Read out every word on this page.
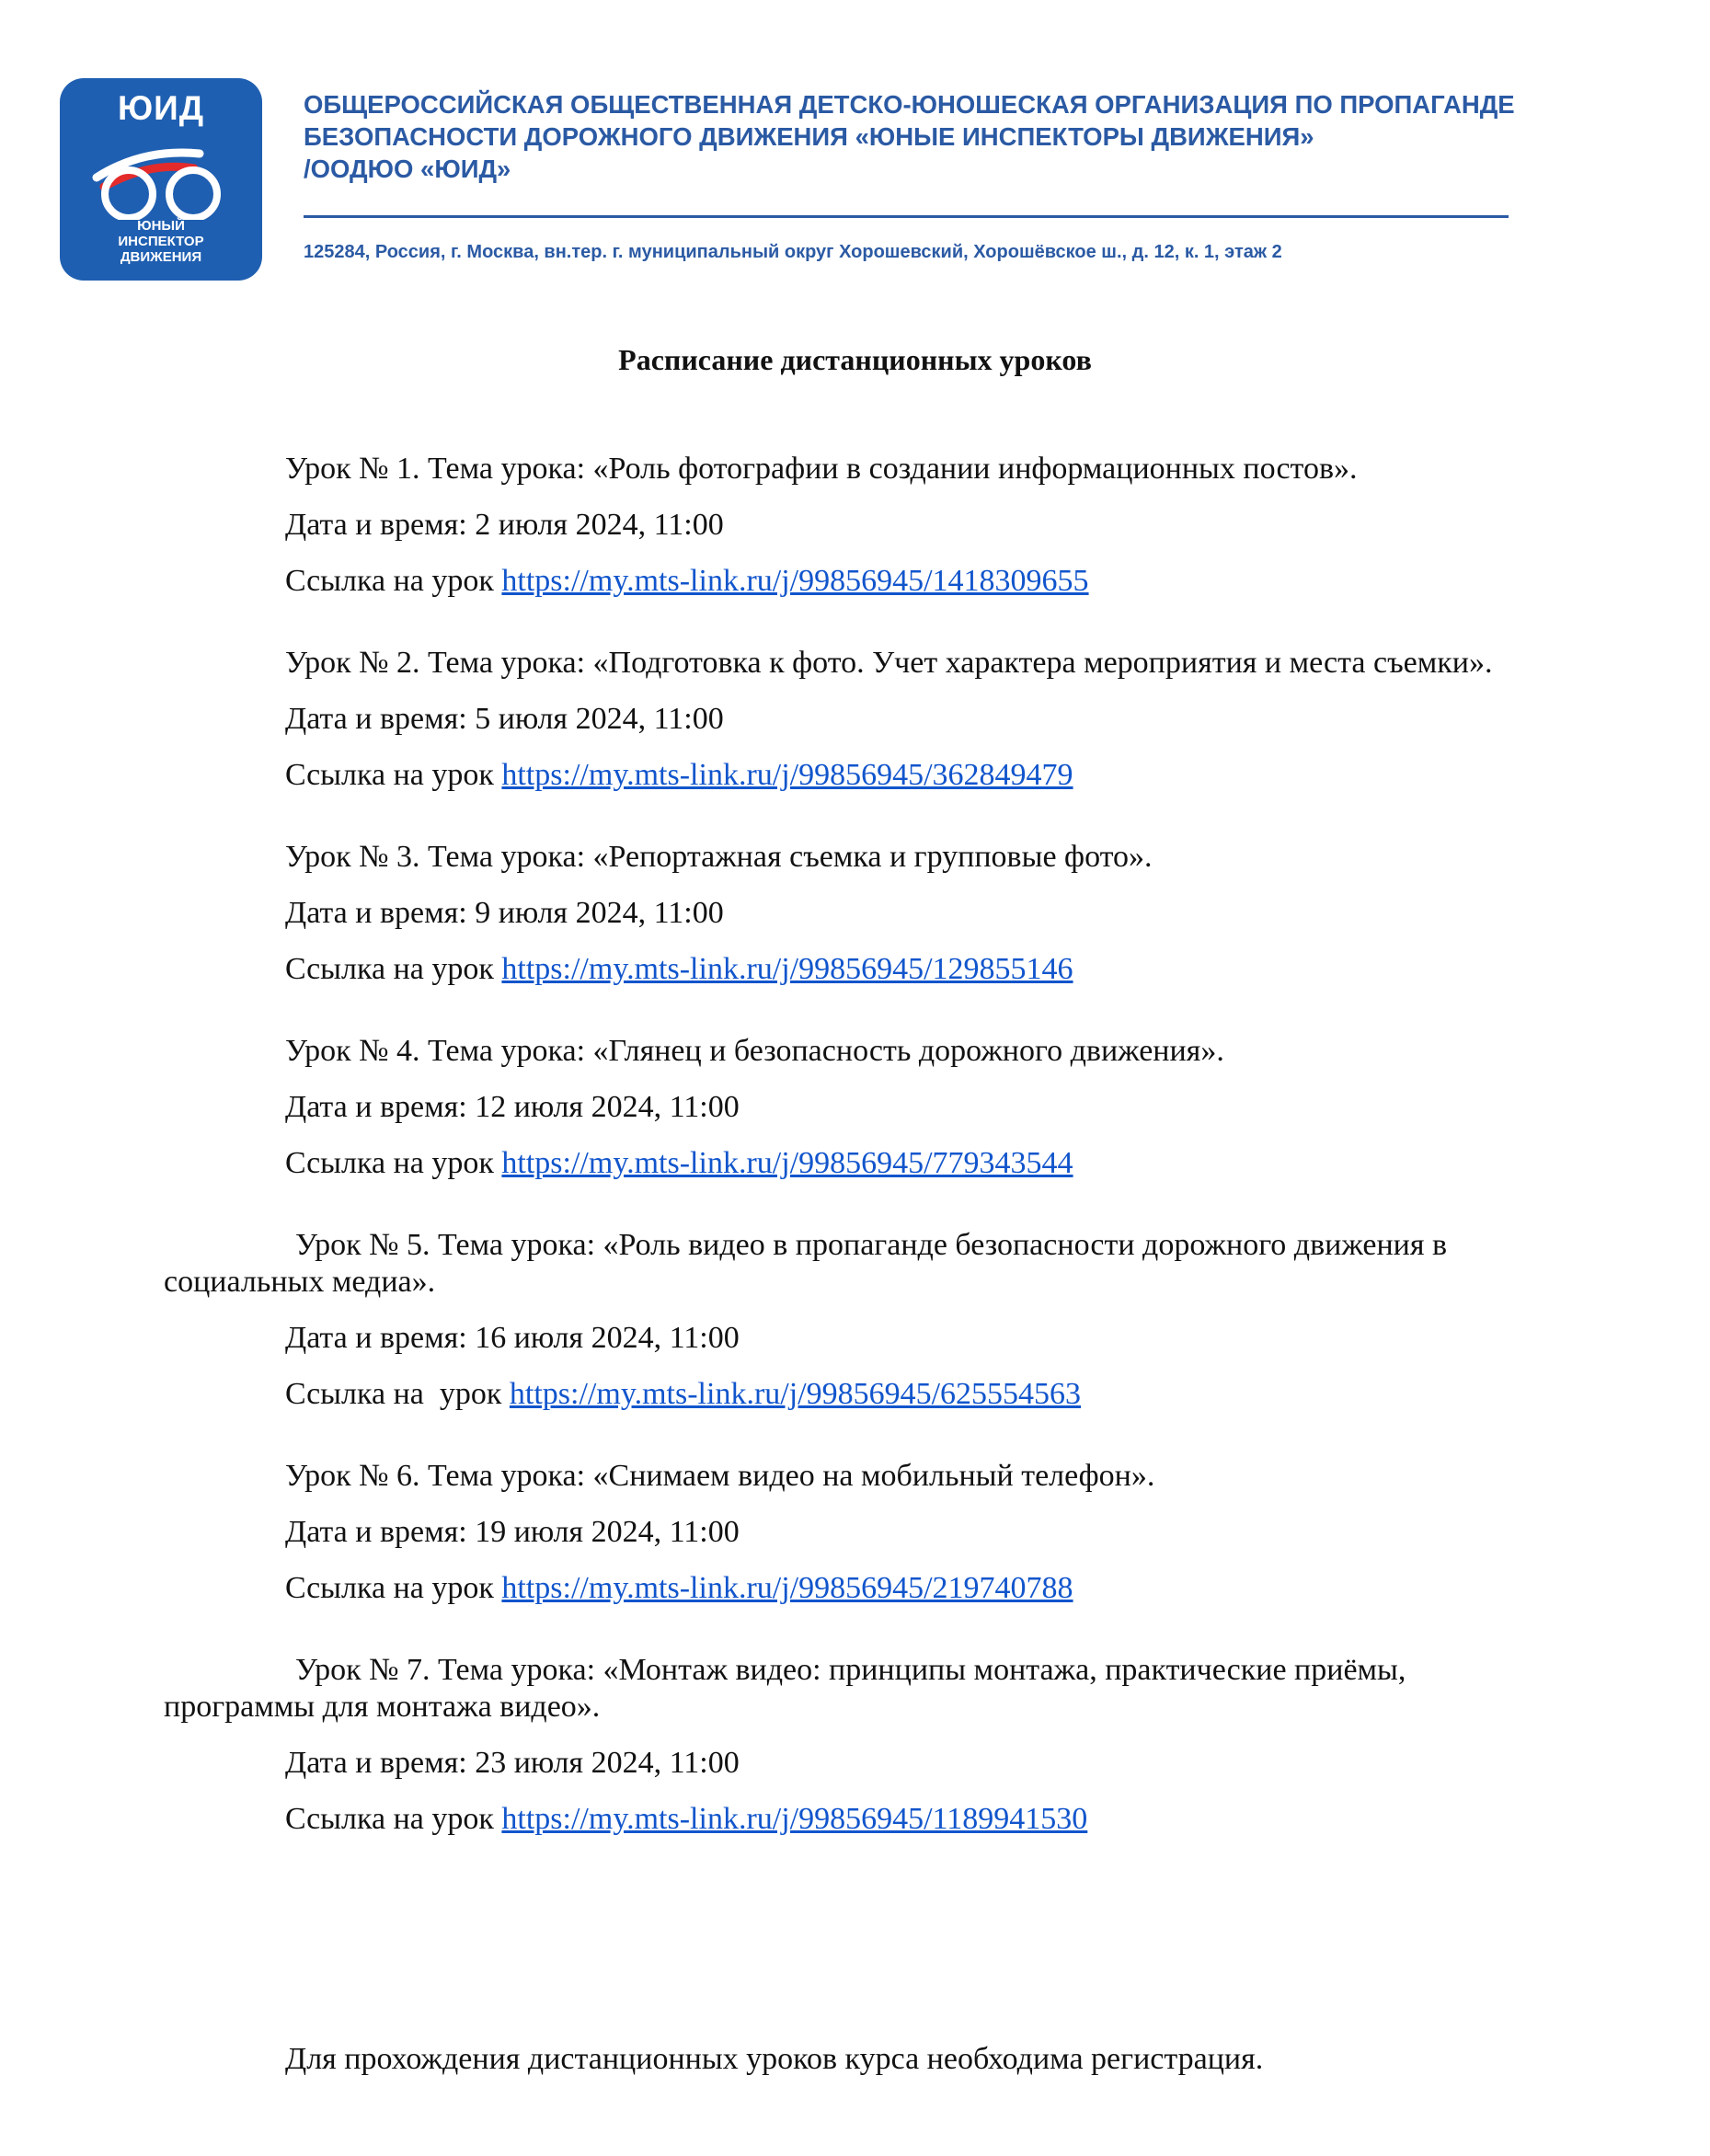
ЮИД
ЮНЫЙ
ИНСПЕКТОР
ДВИЖЕНИЯ
ОБЩЕРОССИЙСКАЯ ОБЩЕСТВЕННАЯ ДЕТСКО-ЮНОШЕСКАЯ ОРГАНИЗАЦИЯ ПО ПРОПАГАНДЕ
БЕЗОПАСНОСТИ ДОРОЖНОГО ДВИЖЕНИЯ «ЮНЫЕ ИНСПЕКТОРЫ ДВИЖЕНИЯ»
/ООДЮО «ЮИД»
125284, Россия, г. Москва, вн.тер. г. муниципальный округ Хорошевский, Хорошёвское ш., д. 12, к. 1, этаж 2
Расписание дистанционных уроков
Урок № 1. Тема урока: «Роль фотографии в создании информационных постов».
Дата и время: 2 июля 2024, 11:00
Ссылка на урок https://my.mts-link.ru/j/99856945/1418309655
Урок № 2. Тема урока: «Подготовка к фото. Учет характера мероприятия и места съемки».
Дата и время: 5 июля 2024, 11:00
Ссылка на урок https://my.mts-link.ru/j/99856945/362849479
Урок № 3. Тема урока: «Репортажная съемка и групповые фото».
Дата и время: 9 июля 2024, 11:00
Ссылка на урок https://my.mts-link.ru/j/99856945/129855146
Урок № 4. Тема урока: «Глянец и безопасность дорожного движения».
Дата и время: 12 июля 2024, 11:00
Ссылка на урок https://my.mts-link.ru/j/99856945/779343544
Урок № 5. Тема урока: «Роль видео в пропаганде безопасности дорожного движения в
социальных медиа».
Дата и время: 16 июля 2024, 11:00
Ссылка на  урок https://my.mts-link.ru/j/99856945/625554563
Урок № 6. Тема урока: «Снимаем видео на мобильный телефон».
Дата и время: 19 июля 2024, 11:00
Ссылка на урок https://my.mts-link.ru/j/99856945/219740788
Урок № 7. Тема урока: «Монтаж видео: принципы монтажа, практические приёмы,
программы для монтажа видео».
Дата и время: 23 июля 2024, 11:00
Ссылка на урок https://my.mts-link.ru/j/99856945/1189941530
Для прохождения дистанционных уроков курса необходима регистрация.
